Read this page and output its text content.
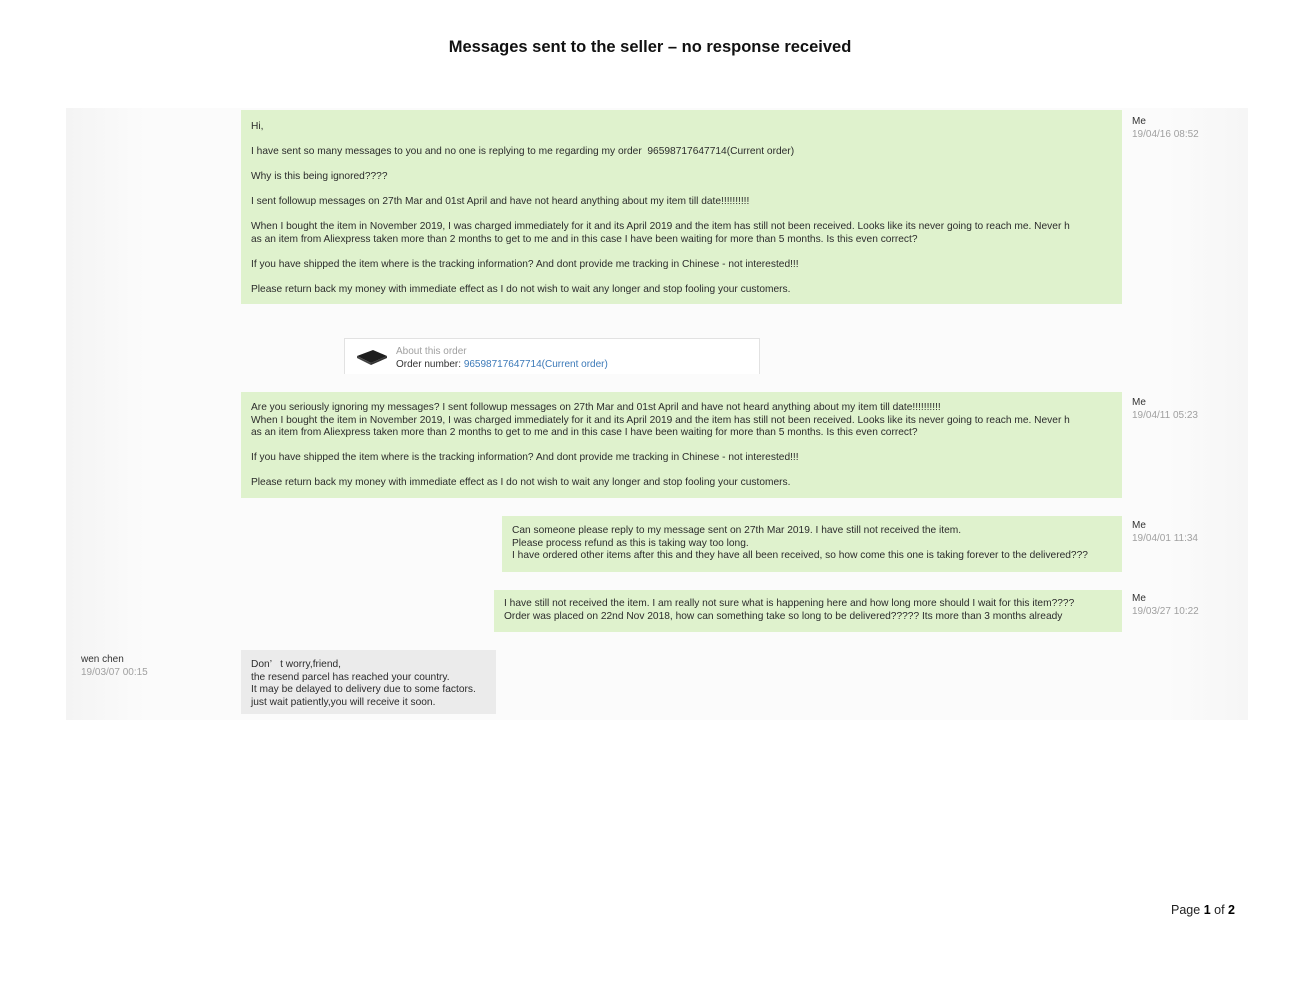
Messages sent to the seller – no response received

Hi,

I have sent so many messages to you and no one is replying to me regarding my order  96598717647714(Current order)

Why is this being ignored????

I sent followup messages on 27th Mar and 01st April and have not heard anything about my item till date!!!!!!!!!!

When I bought the item in November 2019, I was charged immediately for it and its April 2019 and the item has still not been received. Looks like its never going to reach me. Never h
as an item from Aliexpress taken more than 2 months to get to me and in this case I have been waiting for more than 5 months. Is this even correct?

If you have shipped the item where is the tracking information? And dont provide me tracking in Chinese - not interested!!!

Please return back my money with immediate effect as I do not wish to wait any longer and stop fooling your customers.

Me
19/04/16 08:52
About this order
Order number: 96598717647714(Current order)

Are you seriously ignoring my messages? I sent followup messages on 27th Mar and 01st April and have not heard anything about my item till date!!!!!!!!!!
When I bought the item in November 2019, I was charged immediately for it and its April 2019 and the item has still not been received. Looks like its never going to reach me. Never h
as an item from Aliexpress taken more than 2 months to get to me and in this case I have been waiting for more than 5 months. Is this even correct?

If you have shipped the item where is the tracking information? And dont provide me tracking in Chinese - not interested!!!

Please return back my money with immediate effect as I do not wish to wait any longer and stop fooling your customers.

Me
19/04/11 05:23

Can someone please reply to my message sent on 27th Mar 2019. I have still not received the item.
Please process refund as this is taking way too long.
I have ordered other items after this and they have all been received, so how come this one is taking forever to the delivered???

Me
19/04/01 11:34

I have still not received the item. I am really not sure what is happening here and how long more should I wait for this item????
Order was placed on 22nd Nov 2018, how can something take so long to be delivered????? Its more than 3 months already

Me
19/03/27 10:22
wen chen
19/03/07 00:15

Don’   t worry,friend,
the resend parcel has reached your country.
It may be delayed to delivery due to some factors.
just wait patiently,you will receive it soon.

Page 1 of 2
